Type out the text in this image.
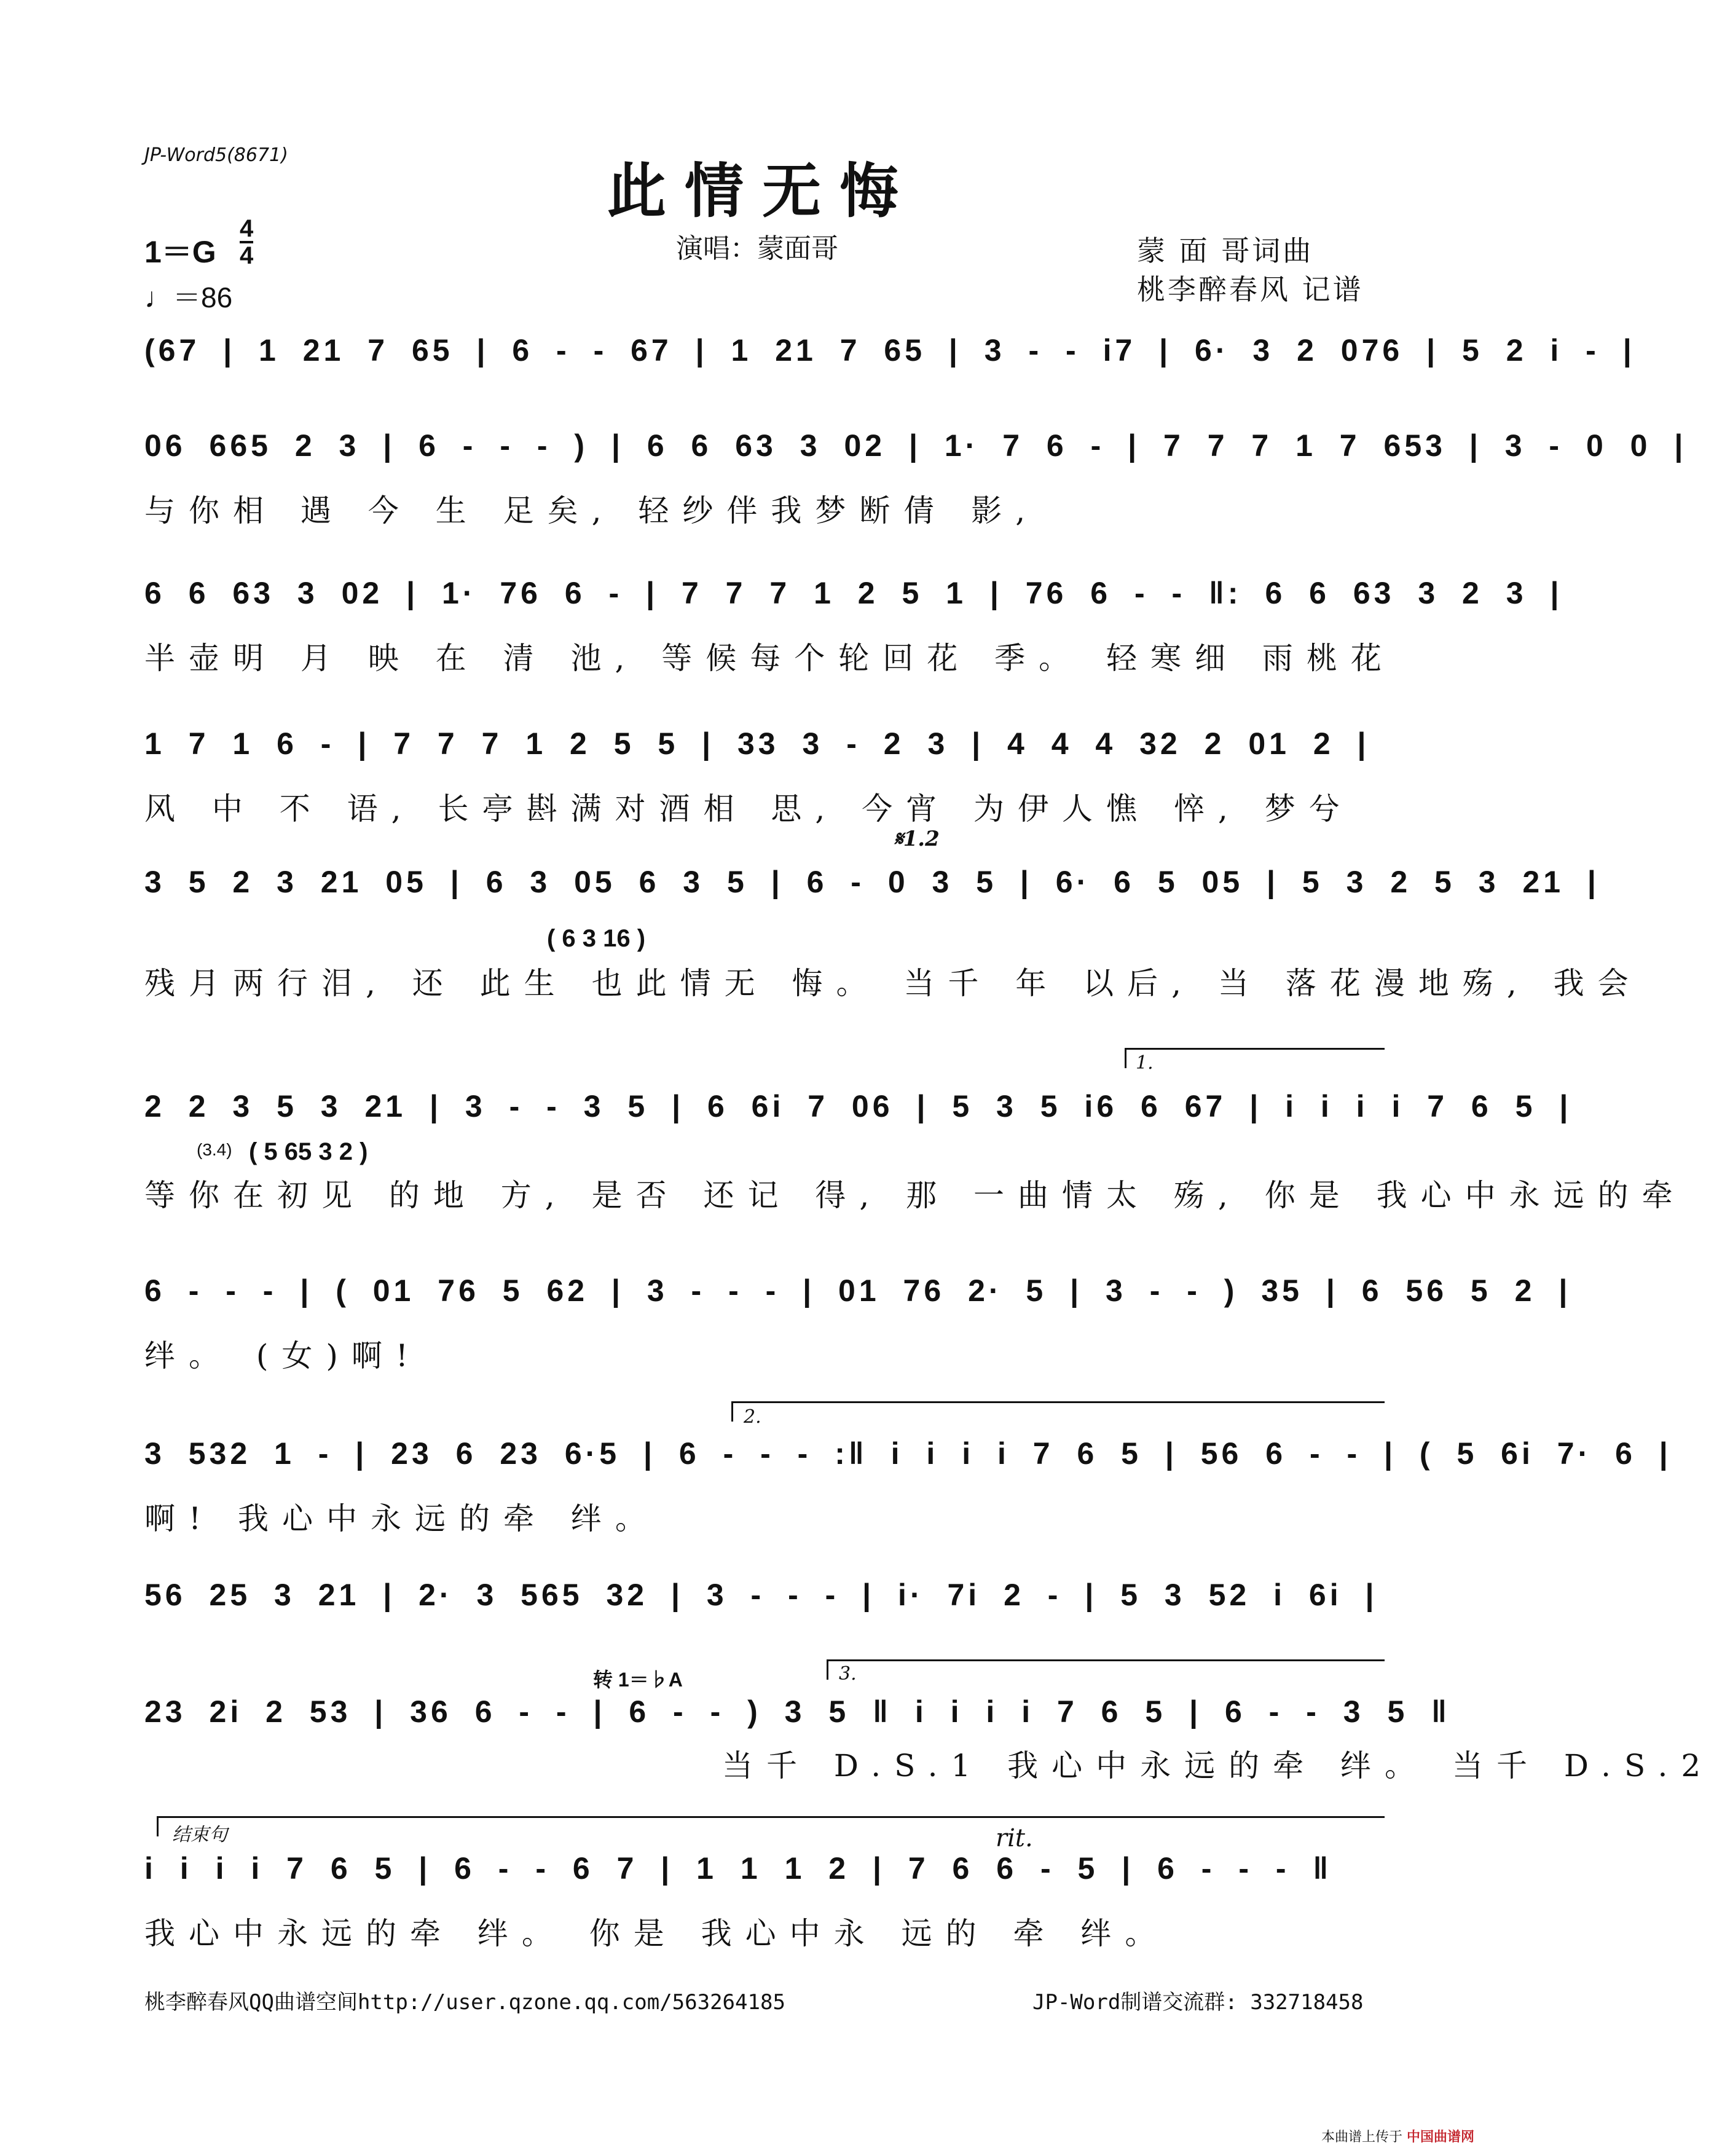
JP-Word5(8671)
此情无悔
演唱：蒙面哥
1＝G
4
4
♩＝86
蒙 面 哥词曲
桃李醉春风 记谱
(67 | 1 21 7 65 | 6 - - 67 | 1 21 7 65 | 3 - - i7 | 6· 3 2 076 | 5 2 i - |
06 665 2 3 | 6 - - - ) | 6 6 63 3 02 | 1· 7 6 - | 7 7 7 1 7 653 | 3 - 0 0 |
与你相 遇 今 生 足矣, 轻纱伴我梦断倩 影,
6 6 63 3 02 | 1· 76 6 - | 7 7 7 1 2 5 1 | 76 6 - - ‖: 6 6 63 3 2 3 |
半壶明 月 映 在 清 池, 等候每个轮回花 季。 轻寒细 雨桃花
1 7 1 6 - | 7 7 7 1 2 5 5 | 33 3 - 2 3 | 4 4 4 32 2 01 2 |
风 中 不 语, 长亭斟满对酒相 思, 今宵 为伊人憔 悴, 梦兮
𝄋1.2
3 5 2 3 21 05 | 6 3 05 6 3 5 | 6 - 0 3 5 | 6· 6 5 05 | 5 3 2 5 3 21 |
( 6 3 16 )
残月两行泪, 还 此生 也此情无 悔。 当千 年 以后, 当 落花漫地殇, 我会
1.
2 2 3 5 3 21 | 3 - - 3 5 | 6 6i 7 06 | 5 3 5 i6 6 67 | i i i i 7 6 5 |
(3.4) ( 5 65 3 2 )
等你在初见 的地 方, 是否 还记 得, 那 一曲情太 殇, 你是 我心中永远的牵
6 - - - | ( 01 76 5 62 | 3 - - - | 01 76 2· 5 | 3 - - ) 35 | 6 56 5 2 |
绊。 (女)啊!
2.
3 532 1 - | 23 6 23 6·5 | 6 - - - :‖ i i i i 7 6 5 | 56 6 - - | ( 5 6i 7· 6 |
啊! 我心中永远的牵 绊。
56 25 3 21 | 2· 3 565 32 | 3 - - - | i· 7i 2 - | 5 3 52 i 6i |
转 1＝♭A	3.
23 2i 2 53 | 36 6 - - | 6 - - ) 3 5 ‖ i i i i 7 6 5 | 6 - - 3 5 ‖
当千 D.S.1 我心中永远的牵 绊。 当千 D.S.2
结束句	rit.
i i i i 7 6 5 | 6 - - 6 7 | 1 1 1 2 | 7 6 6 - 5 | 6 - - - ‖
我心中永远的牵 绊。 你是 我心中永 远的 牵 绊。
桃李醉春风QQ曲谱空间http://user.qzone.qq.com/563264185	JP-Word制谱交流群: 332718458
本曲谱上传于 中国曲谱网
